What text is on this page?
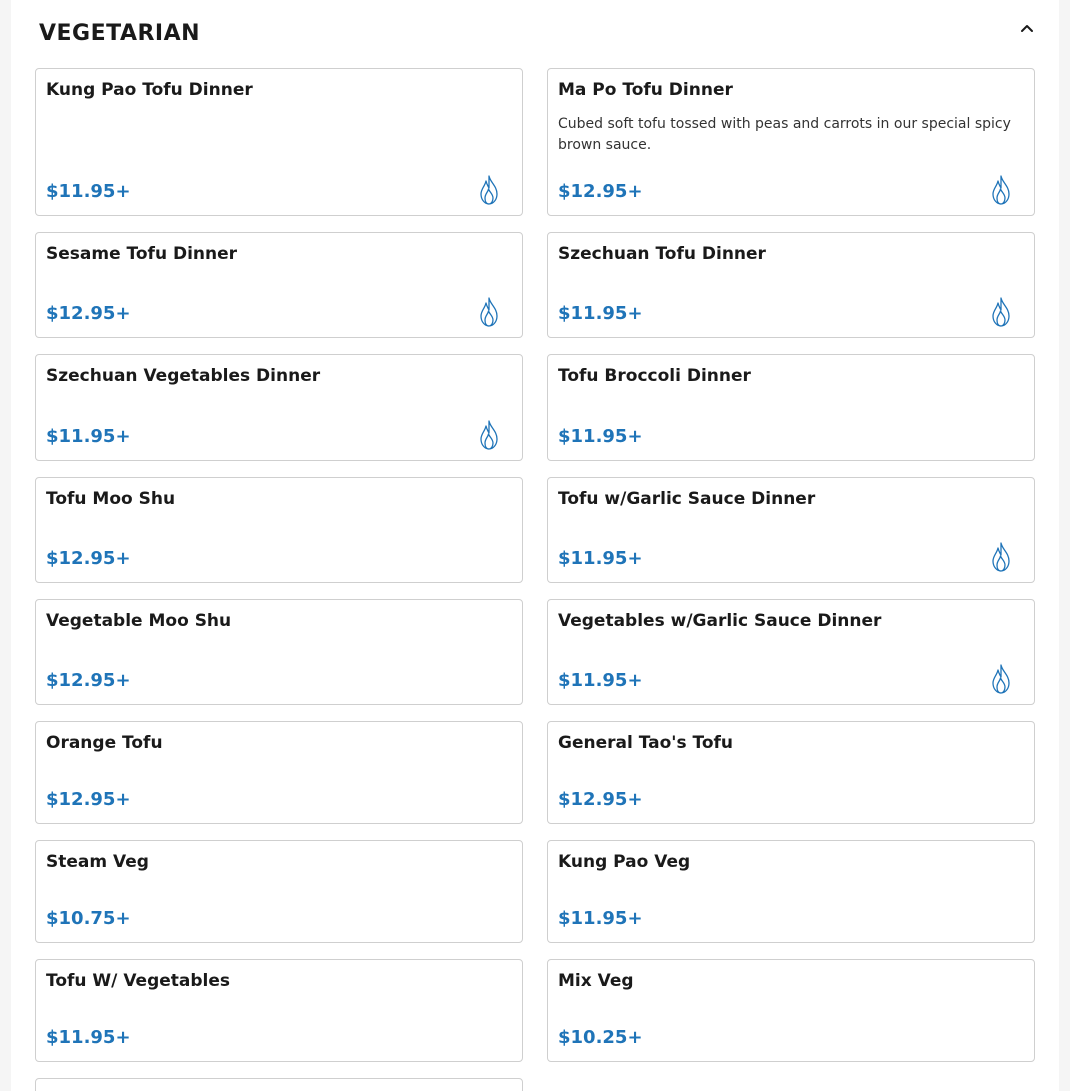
VEGETARIAN
Kung Pao Tofu Dinner

$11.95+
Ma Po Tofu Dinner

Cubed soft tofu tossed with peas and carrots in our special spicy brown sauce.

$12.95+
Sesame Tofu Dinner
$12.95+
Szechuan Tofu Dinner
$11.95+
Szechuan Vegetables Dinner
$11.95+
Tofu Broccoli Dinner
$11.95+
Tofu Moo Shu
$12.95+
Tofu w/Garlic Sauce Dinner
$11.95+
Vegetable Moo Shu
$12.95+
Vegetables w/Garlic Sauce Dinner
$11.95+
Orange Tofu
$12.95+
General Tao's Tofu
$12.95+
Steam Veg
$10.75+
Kung Pao Veg
$11.95+
Tofu W/ Vegetables
$11.95+
Mix Veg
$10.25+
